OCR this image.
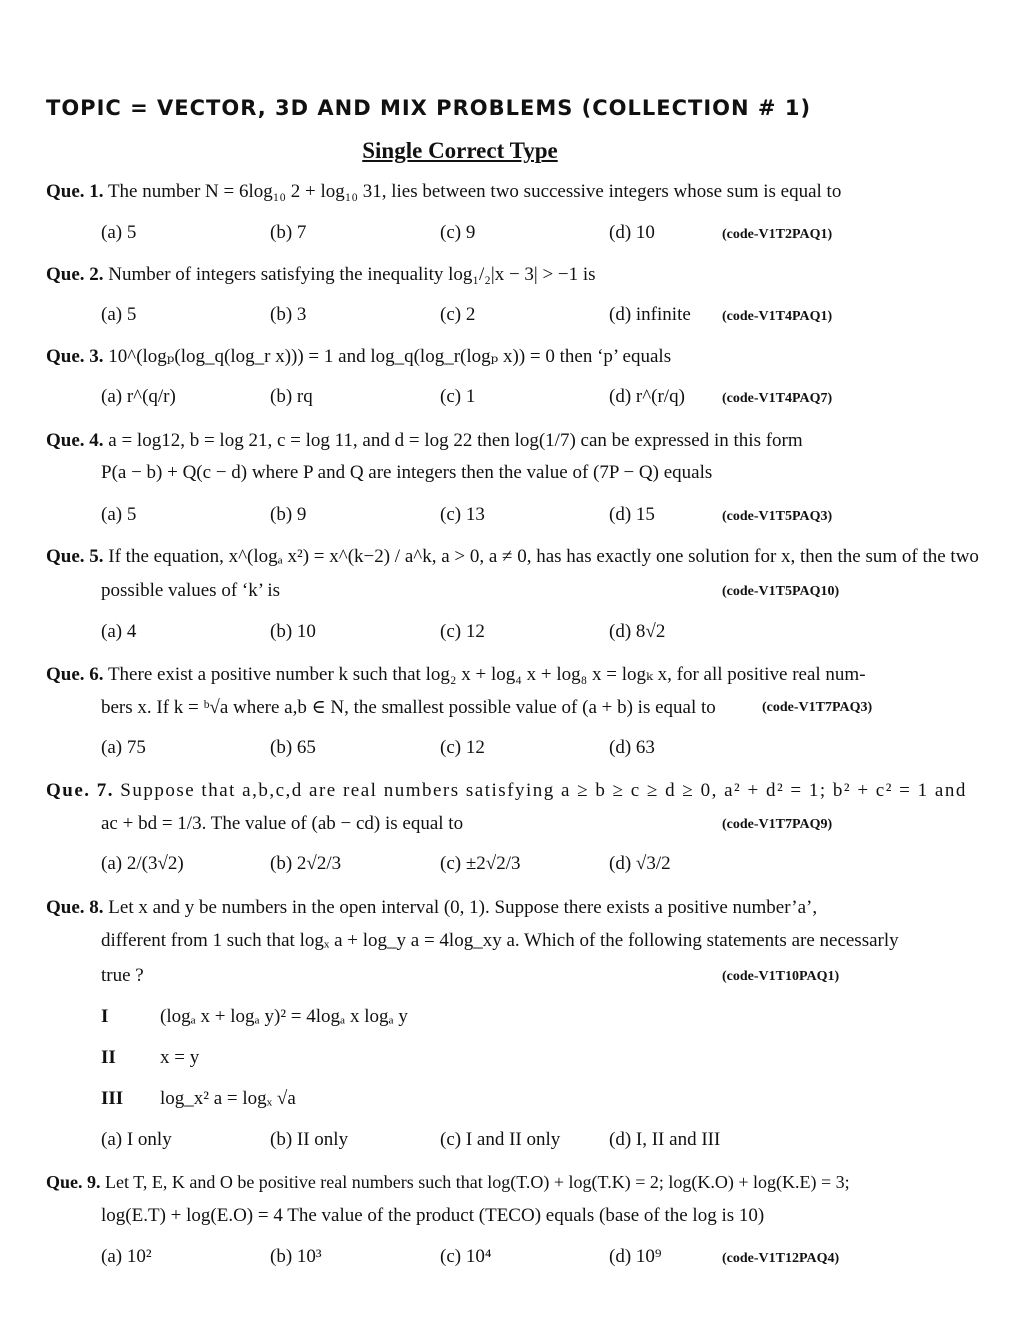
TOPIC = VECTOR, 3D AND MIX PROBLEMS (COLLECTION # 1)
Single Correct Type
Que. 1. The number N = 6log₁₀ 2 + log₁₀ 31, lies between two successive integers whose sum is equal to
(a) 5	(b) 7	(c) 9	(d) 10	(code-V1T2PAQ1)
Que. 2. Number of integers satisfying the inequality log₁/₂|x − 3| > −1 is
(a) 5	(b) 3	(c) 2	(d) infinite (code-V1T4PAQ1)
Que. 3. 10^(logₚ(log_q(log_r x))) = 1 and log_q(log_r(logₚ x)) = 0 then ‘p’ equals
(a) r^(q/r)	(b) rq	(c) 1	(d) r^(r/q)	(code-V1T4PAQ7)
Que. 4. a = log12, b = log 21, c = log 11, and d = log 22 then log(1/7) can be expressed in this form
P(a − b) + Q(c − d) where P and Q are integers then the value of (7P − Q) equals
(a) 5	(b) 9	(c) 13	(d) 15	(code-V1T5PAQ3)
Que. 5. If the equation, x^(logₐ x²) = x^(k−2) / a^k, a > 0, a ≠ 0, has has exactly one solution for x, then the sum of the two
possible values of ‘k’ is	(code-V1T5PAQ10)
(a) 4	(b) 10	(c) 12	(d) 8√2
Que. 6. There exist a positive number k such that log₂ x + log₄ x + log₈ x = logₖ x, for all positive real num-
bers x. If k = ᵇ√a where a,b ∈ N, the smallest possible value of (a + b) is equal to	(code-V1T7PAQ3)
(a) 75	(b) 65	(c) 12	(d) 63
Que. 7. Suppose that a,b,c,d are real numbers satisfying a ≥ b ≥ c ≥ d ≥ 0, a² + d² = 1; b² + c² = 1 and
ac + bd = 1/3. The value of (ab − cd) is equal to	(code-V1T7PAQ9)
(a) 2/(3√2)	(b) 2√2/3	(c) ±2√2/3	(d) √3/2
Que. 8. Let x and y be numbers in the open interval (0, 1). Suppose there exists a positive number’a’,
different from 1 such that logₓ a + log_y a = 4log_xy a. Which of the following statements are necessarly
true ?	(code-V1T10PAQ1)
I	(logₐ x + logₐ y)² = 4logₐ x logₐ y
II x = y
III log_x² a = logₓ √a
(a) I only	(b) II only	(c) I and II only	(d) I, II and III
Que. 9. Let T, E, K and O be positive real numbers such that log(T.O) + log(T.K) = 2; log(K.O) + log(K.E) = 3;
log(E.T) + log(E.O) = 4 The value of the product (TECO) equals (base of the log is 10)
(a) 10²	(b) 10³	(c) 10⁴	(d) 10⁹	(code-V1T12PAQ4)
